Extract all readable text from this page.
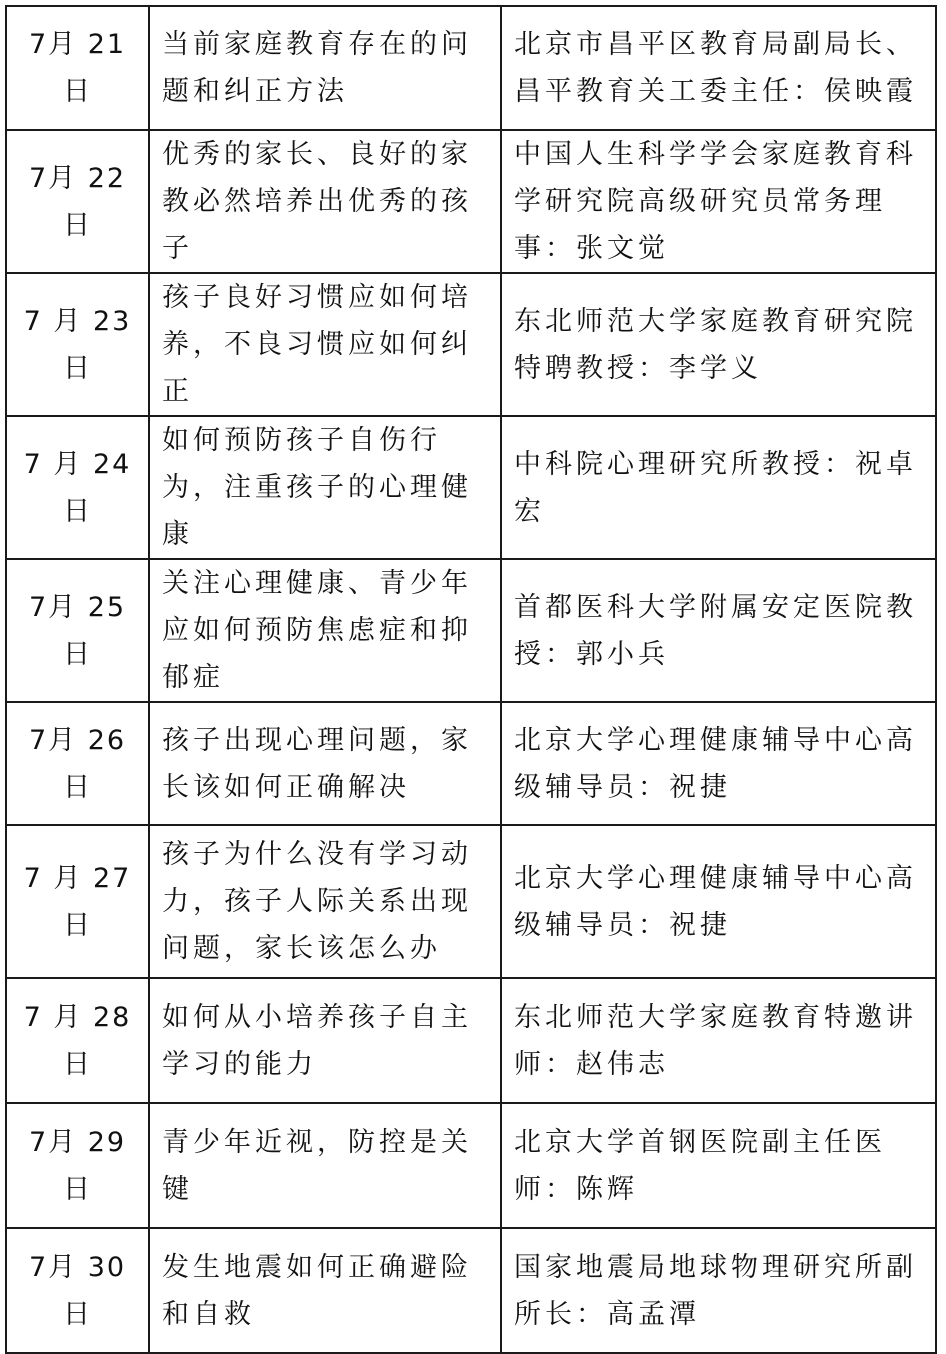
7月 21 日	当前家庭教育存在的问题和纠正方法	北京市昌平区教育局副局长、昌平教育关工委主任：侯映霞
7月 22 日	优秀的家长、良好的家教必然培养出优秀的孩子	中国人生科学学会家庭教育科学研究院高级研究员常务理事：张文觉
7 月 23 日	孩子良好习惯应如何培养，不良习惯应如何纠正	东北师范大学家庭教育研究院特聘教授：李学义
7 月 24 日	如何预防孩子自伤行为，注重孩子的心理健康	中科院心理研究所教授：祝卓宏
7月 25 日	关注心理健康、青少年应如何预防焦虑症和抑郁症	首都医科大学附属安定医院教授：郭小兵
7月 26 日	孩子出现心理问题，家长该如何正确解决	北京大学心理健康辅导中心高级辅导员：祝捷
7 月 27 日	孩子为什么没有学习动力，孩子人际关系出现问题，家长该怎么办	北京大学心理健康辅导中心高级辅导员：祝捷
7 月 28 日	如何从小培养孩子自主学习的能力	东北师范大学家庭教育特邀讲师：赵伟志
7月 29 日	青少年近视，防控是关键	北京大学首钢医院副主任医师：陈辉
7月 30 日	发生地震如何正确避险和自救	国家地震局地球物理研究所副所长：高孟潭
